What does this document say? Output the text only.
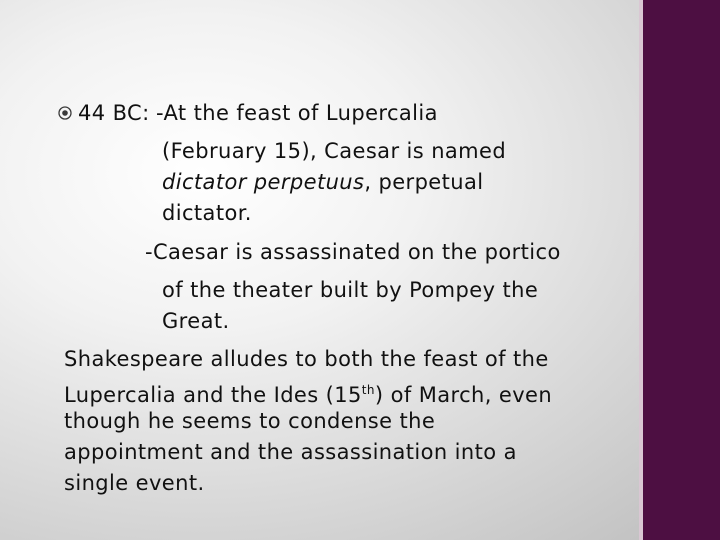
44 BC: -At the feast of Lupercalia
(February 15), Caesar is named
dictator perpetuus, perpetual
dictator.
-Caesar is assassinated on the portico
of the theater built by Pompey the
Great.
Shakespeare alludes to both the feast of the
Lupercalia and the Ides (15th) of March, even
though he seems to condense the
appointment and the assassination into a
single event.
